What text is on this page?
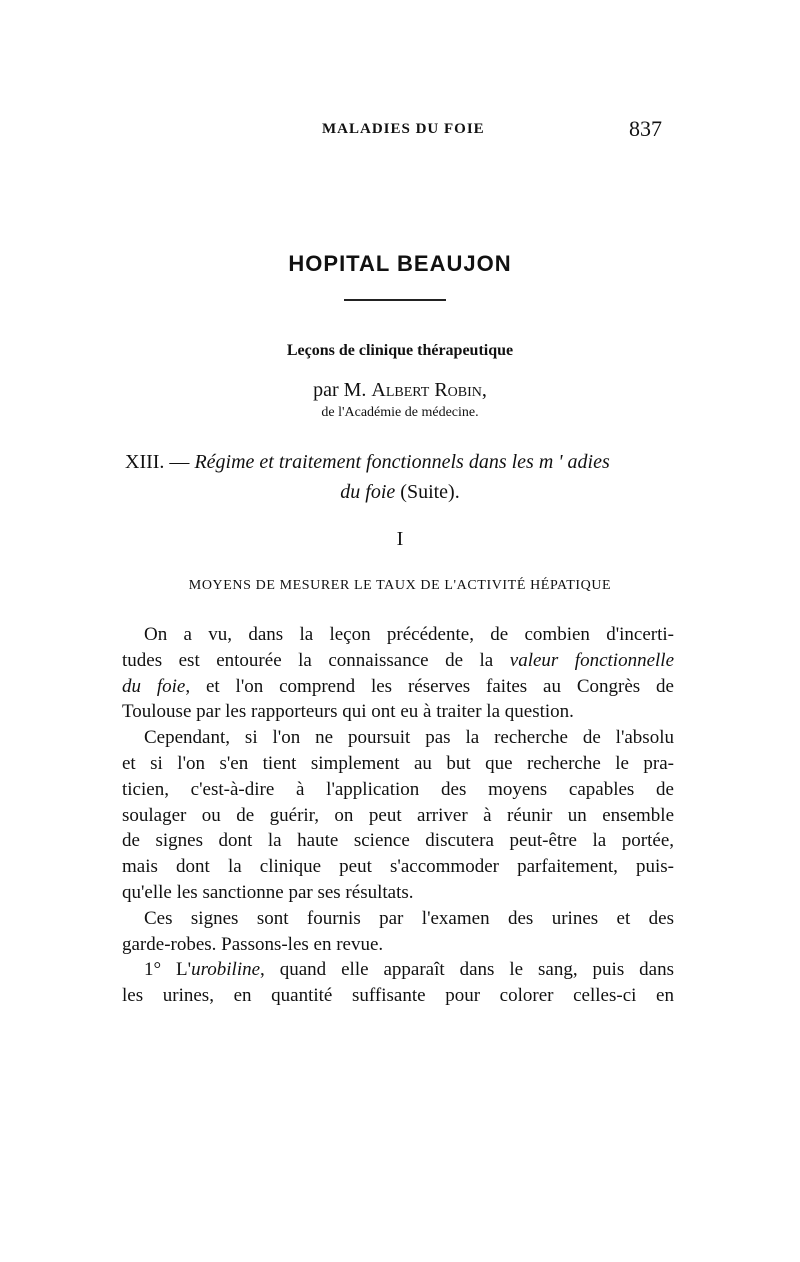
MALADIES DU FOIE	837
HOPITAL BEAUJON
Leçons de clinique thérapeutique
par M. Albert Robin,
de l'Académie de médecine.
XIII. — Régime et traitement fonctionnels dans les m ' adies
du foie (Suite).
I
MOYENS DE MESURER LE TAUX DE L'ACTIVITÉ HÉPATIQUE
On a vu, dans la leçon précédente, de combien d'incerti-
tudes est entourée la connaissance de la valeur fonctionnelle
du foie, et l'on comprend les réserves faites au Congrès de
Toulouse par les rapporteurs qui ont eu à traiter la question.
Cependant, si l'on ne poursuit pas la recherche de l'absolu
et si l'on s'en tient simplement au but que recherche le pra-
ticien, c'est-à-dire à l'application des moyens capables de
soulager ou de guérir, on peut arriver à réunir un ensemble
de signes dont la haute science discutera peut-être la portée,
mais dont la clinique peut s'accommoder parfaitement, puis-
qu'elle les sanctionne par ses résultats.
Ces signes sont fournis par l'examen des urines et des
garde-robes. Passons-les en revue.
1° L'urobiline, quand elle apparaît dans le sang, puis dans
les urines, en quantité suffisante pour colorer celles-ci en
